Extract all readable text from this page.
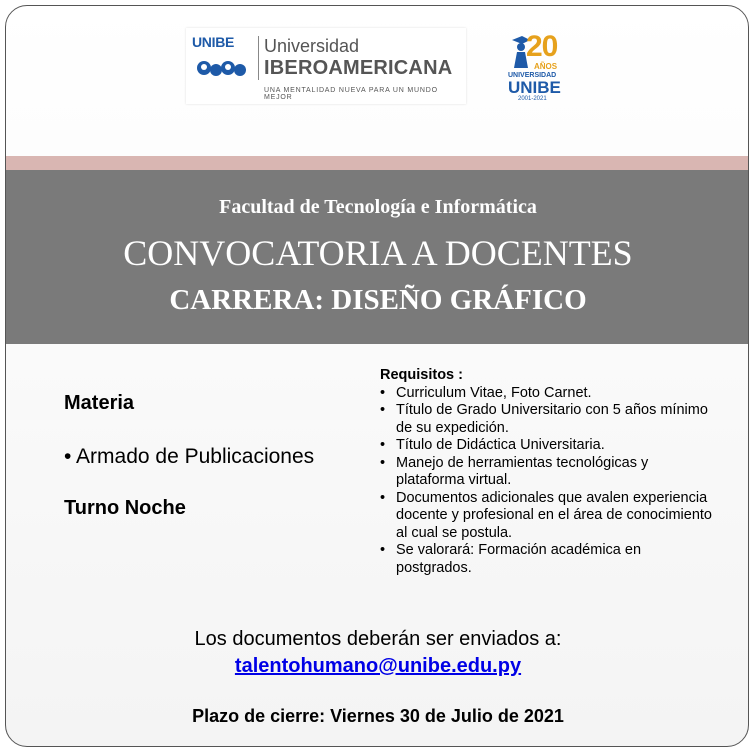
UNIBE Universidad
IBEROAMERICANA
UNA MENTALIDAD NUEVA PARA UN MUNDO MEJOR
20
AÑOS
UNIVERSIDAD
UNIBE
2001-2021
Facultad de Tecnología e Informática
CONVOCATORIA A DOCENTES
CARRERA: DISEÑO GRÁFICO
Materia
• Armado de Publicaciones
Turno Noche
Requisitos :
• Curriculum Vitae, Foto Carnet.
• Título de Grado Universitario con 5 años mínimo de su expedición.
• Título de Didáctica Universitaria.
• Manejo de herramientas tecnológicas y plataforma virtual.
• Documentos adicionales que avalen experiencia docente y profesional en el área de conocimiento al cual se postula.
• Se valorará: Formación académica en postgrados.
Los documentos deberán ser enviados a:
talentohumano@unibe.edu.py
Plazo de cierre: Viernes 30 de Julio de 2021
